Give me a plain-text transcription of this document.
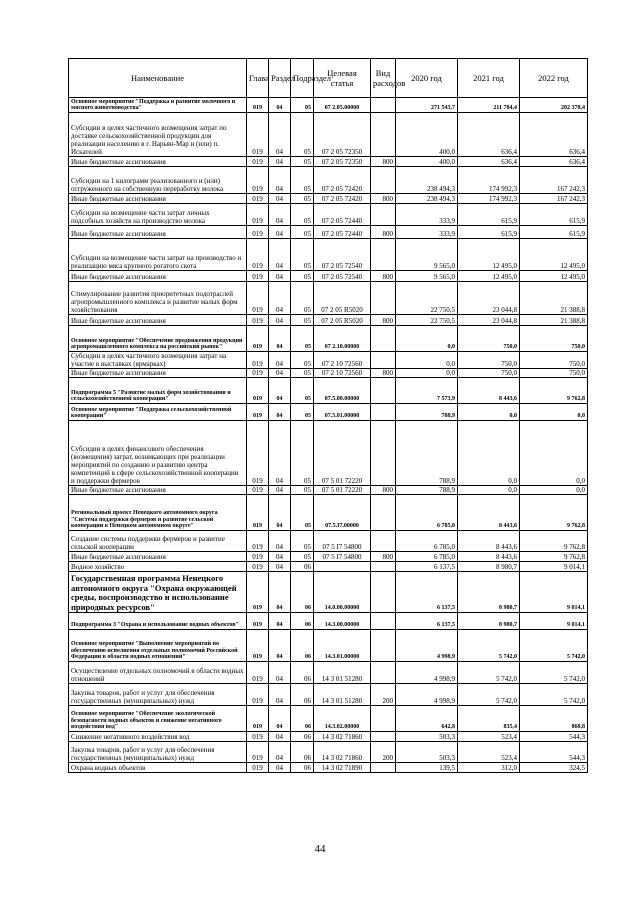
Наименование	Глава	Раздел	Подраздел	Целевая статья	Вид расходов	2020 год	2021 год	2022 год
Основное мероприятие "Поддержка и развитие молочного и мясного животноводства"	019	04	05	07 2.05.00000		271 543,7	211 784,4	202 378,4
Субсидии в целях частичного возмещения затрат по доставке сельскохозяйственной продукции для реализации населению в г. Нарьян-Мар и (или) п. Искателей	019	04	05	07 2 05 72350		400,0	636,4	636,4
Иные бюджетные ассигнования	019	04	05	07 2 05 72350	800	400,0	636,4	636,4
Субсидии на 1 килограмм реализованного и (или) отгруженного на собственную переработку молока	019	04	05	07 2 05 72420		238 494,3	174 992,3	167 242,3
Иные бюджетные ассигнования	019	04	05	07 2 05 72420	800	238 494,3	174 992,3	167 242,3
Субсидии на возмещение части затрат личных подсобных хозяйств на производство молока	019	04	05	07 2 05 72440		333,9	615,9	615,9
Иные бюджетные ассигнования	019	04	05	07 2 05 72440	800	333,9	615,9	615,9
Субсидии на возмещение части затрат на производство и реализацию мяса крупного рогатого скота	019	04	05	07 2 05 72540		9 565,0	12 495,0	12 495,0
Иные бюджетные ассигнования	019	04	05	07 2 05 72540	800	9 565,0	12 495,0	12 495,0
Стимулирование развития приоритетных подотраслей агропромышленного комплекса и развитие малых форм хозяйствования	019	04	05	07 2 05 R5020		22 750,5	23 044,8	21 388,8
Иные бюджетные ассигнования	019	04	05	07 2 05 R5020	800	22 750,5	23 044,8	21 388,8
Основное мероприятие "Обеспечение продвижения продукции агропромышленного комплекса на российский рынок"	019	04	05	07 2.10.00000		0,0	750,0	750,0
Субсидии в целях частичного возмещения затрат на участие в выставках (ярмарках)	019	04	05	07 2 10 72560		0,0	750,0	750,0
Иные бюджетные ассигнования	019	04	05	07 2 10 72560	800	0,0	750,0	750,0
Подпрограмма 5 "Развитие малых форм хозяйствования и сельскохозяйственной кооперации"	019	04	05	07.5.00.00000		7 573,9	8 443,6	9 762,8
Основное мероприятие "Поддержка сельскохозяйственной кооперации"	019	04	05	07.5.01.00000		788,9	0,0	0,0
Субсидии в целях финансового обеспечения (возмещения) затрат, возникающих при реализации мероприятий по созданию и развитию центра компетенций в сфере сельскохозяйственной кооперации и поддержки фермеров	019	04	05	07 5 01 72220		788,9	0,0	0,0
Иные бюджетные ассигнования	019	04	05	07 5 01 72220	800	788,9	0,0	0,0
Региональный проект Ненецкого автономного округа "Система поддержки фермеров и развитие сельской кооперации в Ненецком автономном округе"	019	04	05	07.5.I7.00000		6 785,0	8 443,6	9 762,8
Создание системы поддержки фермеров и развитие сельской кооперации	019	04	05	07 5 I7 54800		6 785,0	8 443,6	9 762,8
Иные бюджетные ассигнования	019	04	05	07 5 I7 54800	800	6 785,0	8 443,6	9 762,8
Водное хозяйство	019	04	06			6 137,5	8 980,7	9 014,1
Государственная программа Ненецкого автономного округа "Охрана окружающей среды, воспроизводство и использование природных ресурсов"	019	04	06	14.0.00.00000		6 137,5	8 980,7	9 014,1
Подпрограмма 3 "Охрана и использование водных объектов"	019	04	06	14.3.00.00000		6 137,5	8 980,7	9 014,1
Основное мероприятие "Выполнение мероприятий по обеспечению исполнения отдельных полномочий Российской Федерации в области водных отношений"	019	04	06	14.3.01.00000		4 998,9	5 742,0	5 742,0
Осуществление отдельных полномочий в области водных отношений	019	04	06	14 3 01 51280		4 998,9	5 742,0	5 742,0
Закупка товаров, работ и услуг для обеспечения государственных (муниципальных) нужд	019	04	06	14 3 01 51280	200	4 998,9	5 742,0	5 742,0
Основное мероприятие "Обеспечение экологической безопасности водных объектов и снижение негативного воздействия вод"	019	04	06	14.3.02.00000		642,8	835,4	868,8
Снижение негативного воздействия вод	019	04	06	14 3 02 71860		503,3	523,4	544,3
Закупка товаров, работ и услуг для обеспечения государственных (муниципальных) нужд	019	04	06	14 3 02 71860	200	503,3	523,4	544,3
Охрана водных объектов	019	04	06	14 3 02 71890		139,5	312,0	324,5
44
